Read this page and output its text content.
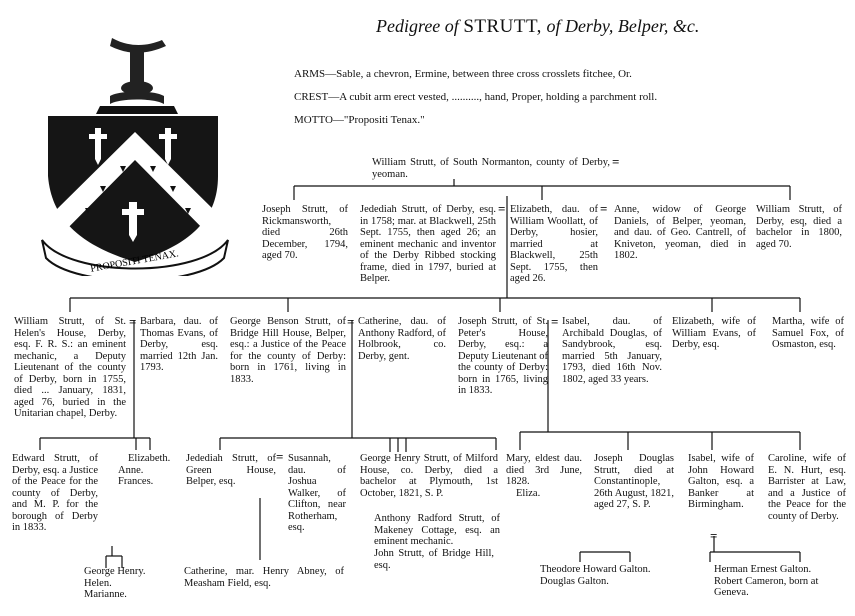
Pedigree of STRUTT, of Derby, Belper, &c.
ARMS—Sable, a chevron, Ermine, between three cross crosslets fitchee, Or.
CREST—A cubit arm erect vested, .........., hand, Proper, holding a parchment roll.
MOTTO—"Propositi Tenax."
PROPOSITI TENAX.
=
=	=
=	=	=
=
=
William Strutt, of South Normanton, county of Derby, yeoman.
Joseph Strutt, of Rickmansworth, died 26th December, 1794, aged 70.
Jedediah Strutt, of Derby, esq. in 1758; mar. at Blackwell, 25th Sept. 1755, then aged 26; an eminent mechanic and inventor of the Derby Ribbed stocking frame, died in 1797, buried at Belper.
Elizabeth, dau. of William Woollatt, of Derby, hosier, married at Blackwell, 25th Sept. 1755, then aged 26.
Anne, widow of George Daniels, of Belper, yeoman, and dau. of Geo. Cantrell, of Kniveton, yeoman, died in 1802.
William Strutt, of Derby, esq, died a bachelor in 1800, aged 70.
William Strutt, of St. Helen's House, Derby, esq. F. R. S.: an eminent mechanic, a Deputy Lieutenant of the county of Derby, born in 1755, died ... January, 1831, aged 76, buried in the Unitarian chapel, Derby.
Barbara, dau. of Thomas Evans, of Derby, esq. married 12th Jan. 1793.
George Benson Strutt, of Bridge Hill House, Belper, esq.: a Justice of the Peace for the county of Derby: born in 1761, living in 1833.
Catherine, dau. of Anthony Radford, of Holbrook, co. Derby, gent.
Joseph Strutt, of St. Peter's House, Derby, esq.: a Deputy Lieutenant of the county of Derby: born in 1765, living in 1833.
Isabel, dau. of Archibald Douglas, of Sandybrook, esq. married 5th January, 1793, died 16th Nov. 1802, aged 33 years.
Elizabeth, wife of William Evans, of Derby, esq.
Martha, wife of Samuel Fox, of Osmaston, esq.
Edward Strutt, of Derby, esq. a Justice of the Peace for the county of Derby, and M. P. for the borough of Derby in 1833.
Elizabeth.
Anne.
Frances.
Jedediah Strutt, of Green House, Belper, esq.
Susannah, dau. of Joshua Walker, of Clifton, near Rotherham, esq.
George Henry Strutt, of Milford House, co. Derby, died a bachelor at Plymouth, 1st October, 1821, S. P.
Anthony Radford Strutt, of Makeney Cottage, esq. an eminent mechanic.
John Strutt, of Bridge Hill, esq.
Mary, eldest dau. died 3rd June, 1828.
Eliza.
Joseph Douglas Strutt, died at Constantinople, 26th August, 1821, aged 27, S. P.
Isabel, wife of John Howard Galton, esq. a Banker at Birmingham.
Caroline, wife of E. N. Hurt, esq. Barrister at Law, and a Justice of the Peace for the county of Derby.
George Henry.
Helen.
Marianne.
Catherine, mar. Henry Abney, of Measham Field, esq.
Theodore Howard Galton.
Douglas Galton.
Herman Ernest Galton.
Robert Cameron, born at Geneva.
